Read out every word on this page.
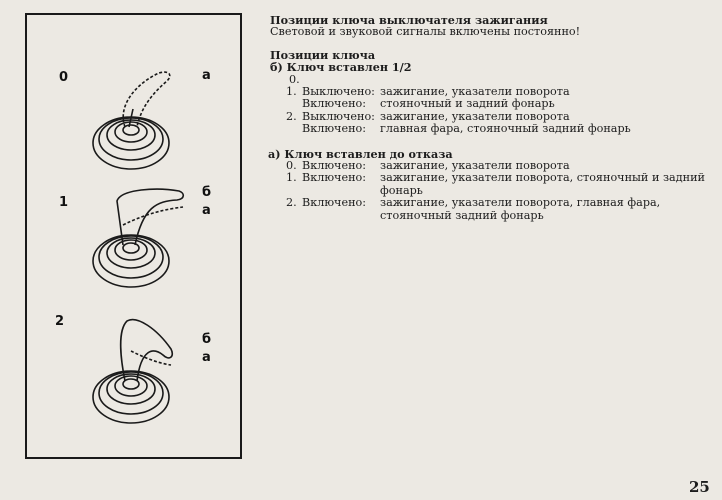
0	а
1
б
а
2
б
а
Позиции ключа выключателя зажигания
Световой и звуковой сигналы включены постоянно!
Позиции ключа
б) Ключ вставлен 1/2
0.
1. Выключено: зажигание, указатели поворота
Включено:	стояночный и задний фонарь
2. Выключено: зажигание, указатели поворота
Включено:	главная фара, стояночный задний фонарь
а) Ключ вставлен до отказа
0. Включено:	зажигание, указатели поворота
1. Включено:	зажигание, указатели поворота, стояночный и задний фонарь
2. Включено:	зажигание, указатели поворота, главная фара, стояночный задний фонарь
25
